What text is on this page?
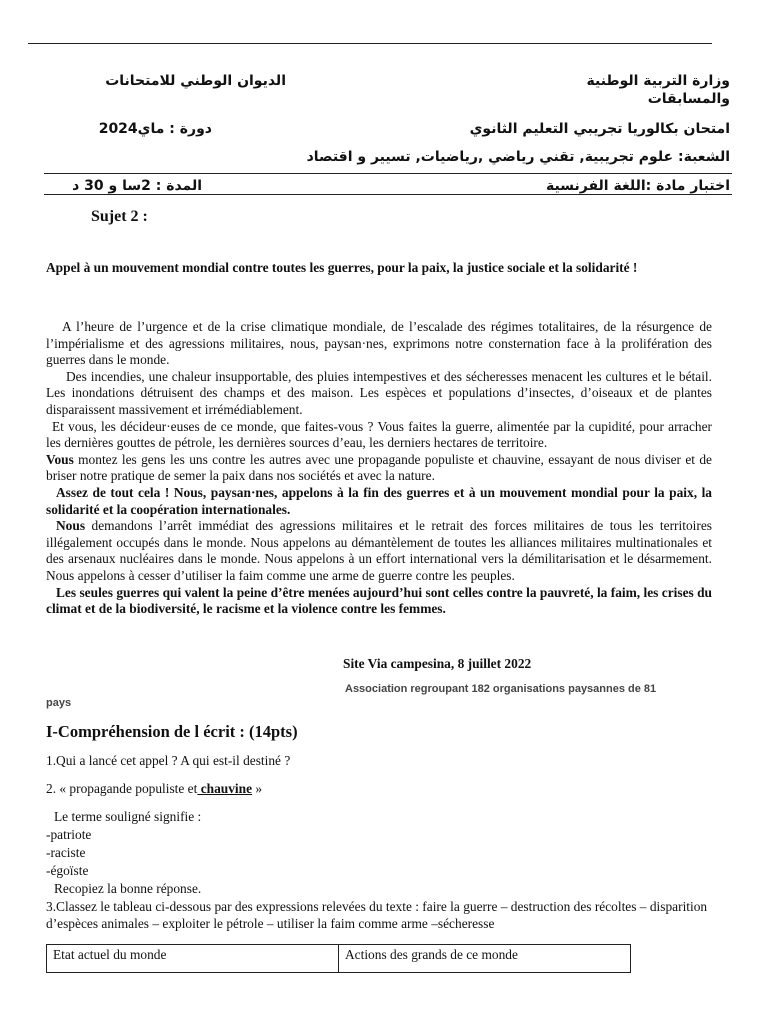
وزارة التربية الوطنية والمسابقات
الديوان الوطني للامتحانات
امتحان بكالوريا تجريبي التعليم الثانوي
دورة : ماي2024
الشعبة: علوم تجريبية, تقني رياضي ,رياضيات, تسيير و اقتصاد
اختبار مادة :اللغة الفرنسية
المدة : 2سا و 30 د
Sujet 2 :
Appel à un mouvement mondial contre toutes les guerres, pour la paix, la justice sociale et la solidarité !

A l’heure de l’urgence et de la crise climatique mondiale, de l’escalade des régimes totalitaires, de la résurgence de l’impérialisme et des agressions militaires, nous, paysan·nes, exprimons notre consternation face à la prolifération des guerres dans le monde.

Des incendies, une chaleur insupportable, des pluies intempestives et des sécheresses menacent les cultures et le bétail. Les inondations détruisent des champs et des maison. Les espèces et populations d’insectes, d’oiseaux et de plantes disparaissent massivement et irrémédiablement.

Et vous, les décideur·euses de ce monde, que faites-vous ? Vous faites la guerre, alimentée par la cupidité, pour arracher les dernières gouttes de pétrole, les dernières sources d’eau, les derniers hectares de territoire.
Vous montez les gens les uns contre les autres avec une propagande populiste et chauvine, essayant de nous diviser et de briser notre pratique de semer la paix dans nos sociétés et avec la nature.

Assez de tout cela ! Nous, paysan·nes, appelons à la fin des guerres et à un mouvement mondial pour la paix, la solidarité et la coopération internationales.

Nous demandons l’arrêt immédiat des agressions militaires et le retrait des forces militaires de tous les territoires illégalement occupés dans le monde. Nous appelons au démantèlement de toutes les alliances militaires multinationales et des arsenaux nucléaires dans le monde. Nous appelons à un effort international vers la démilitarisation et le désarmement. Nous appelons à cesser d’utiliser la faim comme une arme de guerre contre les peuples.

Les seules guerres qui valent la peine d’être menées aujourd’hui sont celles contre la pauvreté, la faim, les crises du climat et de la biodiversité, le racisme et la violence contre les femmes.

Site Via campesina, 8 juillet 2022
Association regroupant 182 organisations paysannes de 81
pays
I-Compréhension de l écrit : (14pts)
1.Qui a lancé cet appel ? A qui est-il destiné ?
2. « propagande populiste et chauvine »
Le terme souligné signifie :
-patriote
-raciste
-égoïste
Recopiez la bonne réponse.
3.Classez le tableau ci-dessous par des expressions relevées du texte : faire la guerre – destruction des récoltes – disparition d’espèces animales – exploiter le pétrole – utiliser la faim comme arme –sécheresse
Etat actuel du monde	Actions des grands de ce monde
